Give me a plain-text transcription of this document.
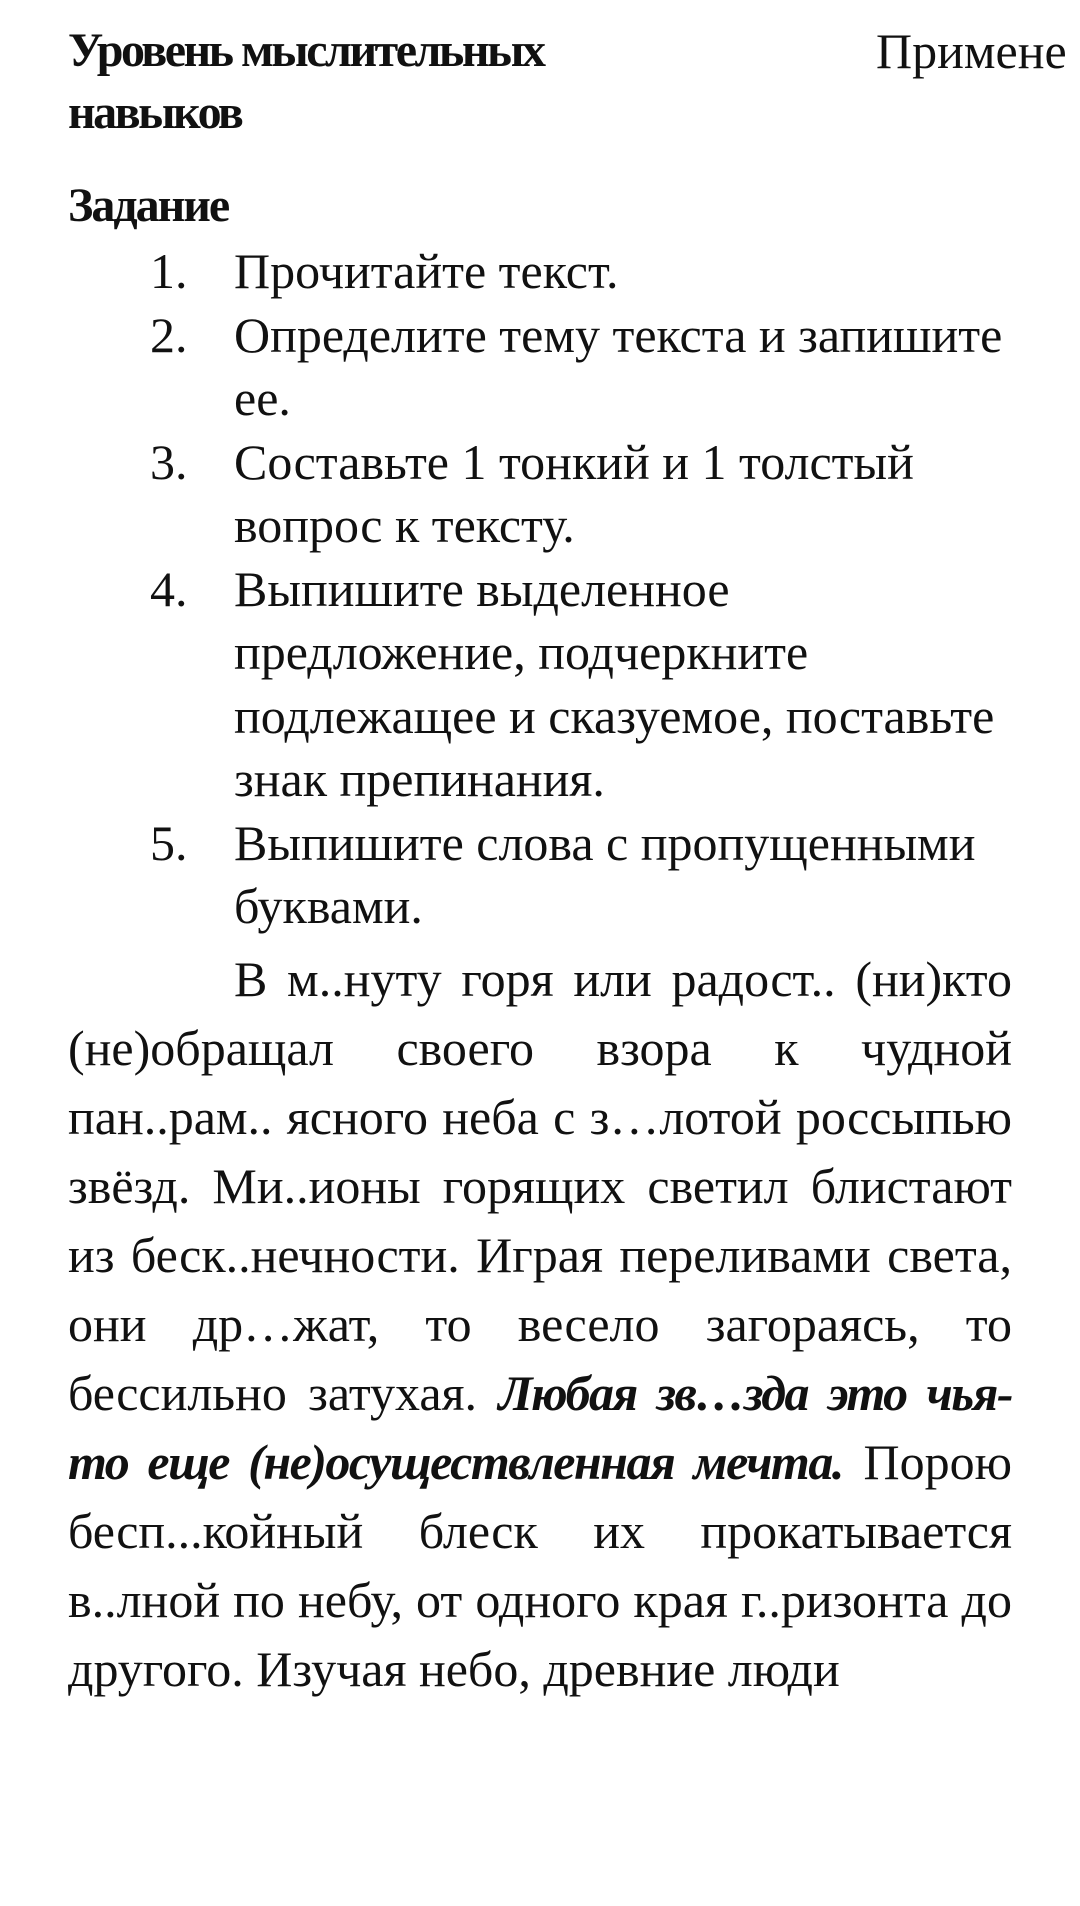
Уровень мыслительных навыков
Примене
Задание
1. Прочитайте текст.
2. Определите тему текста и запишите ее.
3. Составьте 1 тонкий и 1 толстый вопрос к тексту.
4. Выпишите выделенное предложение, подчеркните подлежащее и сказуемое, поставьте знак препинания.
5. Выпишите слова с пропущенными буквами.

В м..нуту горя или радост.. (ни)кто (не)обращал своего взора к чудной пан..рам.. ясного неба с з…лотой россыпью звёзд. Ми..ионы горящих светил блистают из беск..нечности. Играя переливами света, они др…жат, то весело загораясь, то бессильно затухая. Любая зв…зда это чья-то еще (не)осуществленная мечта. Порою бесп...койный блеск их прокатывается в..лной по небу, от одного края г..ризонта до другого. Изучая небо, древние люди
